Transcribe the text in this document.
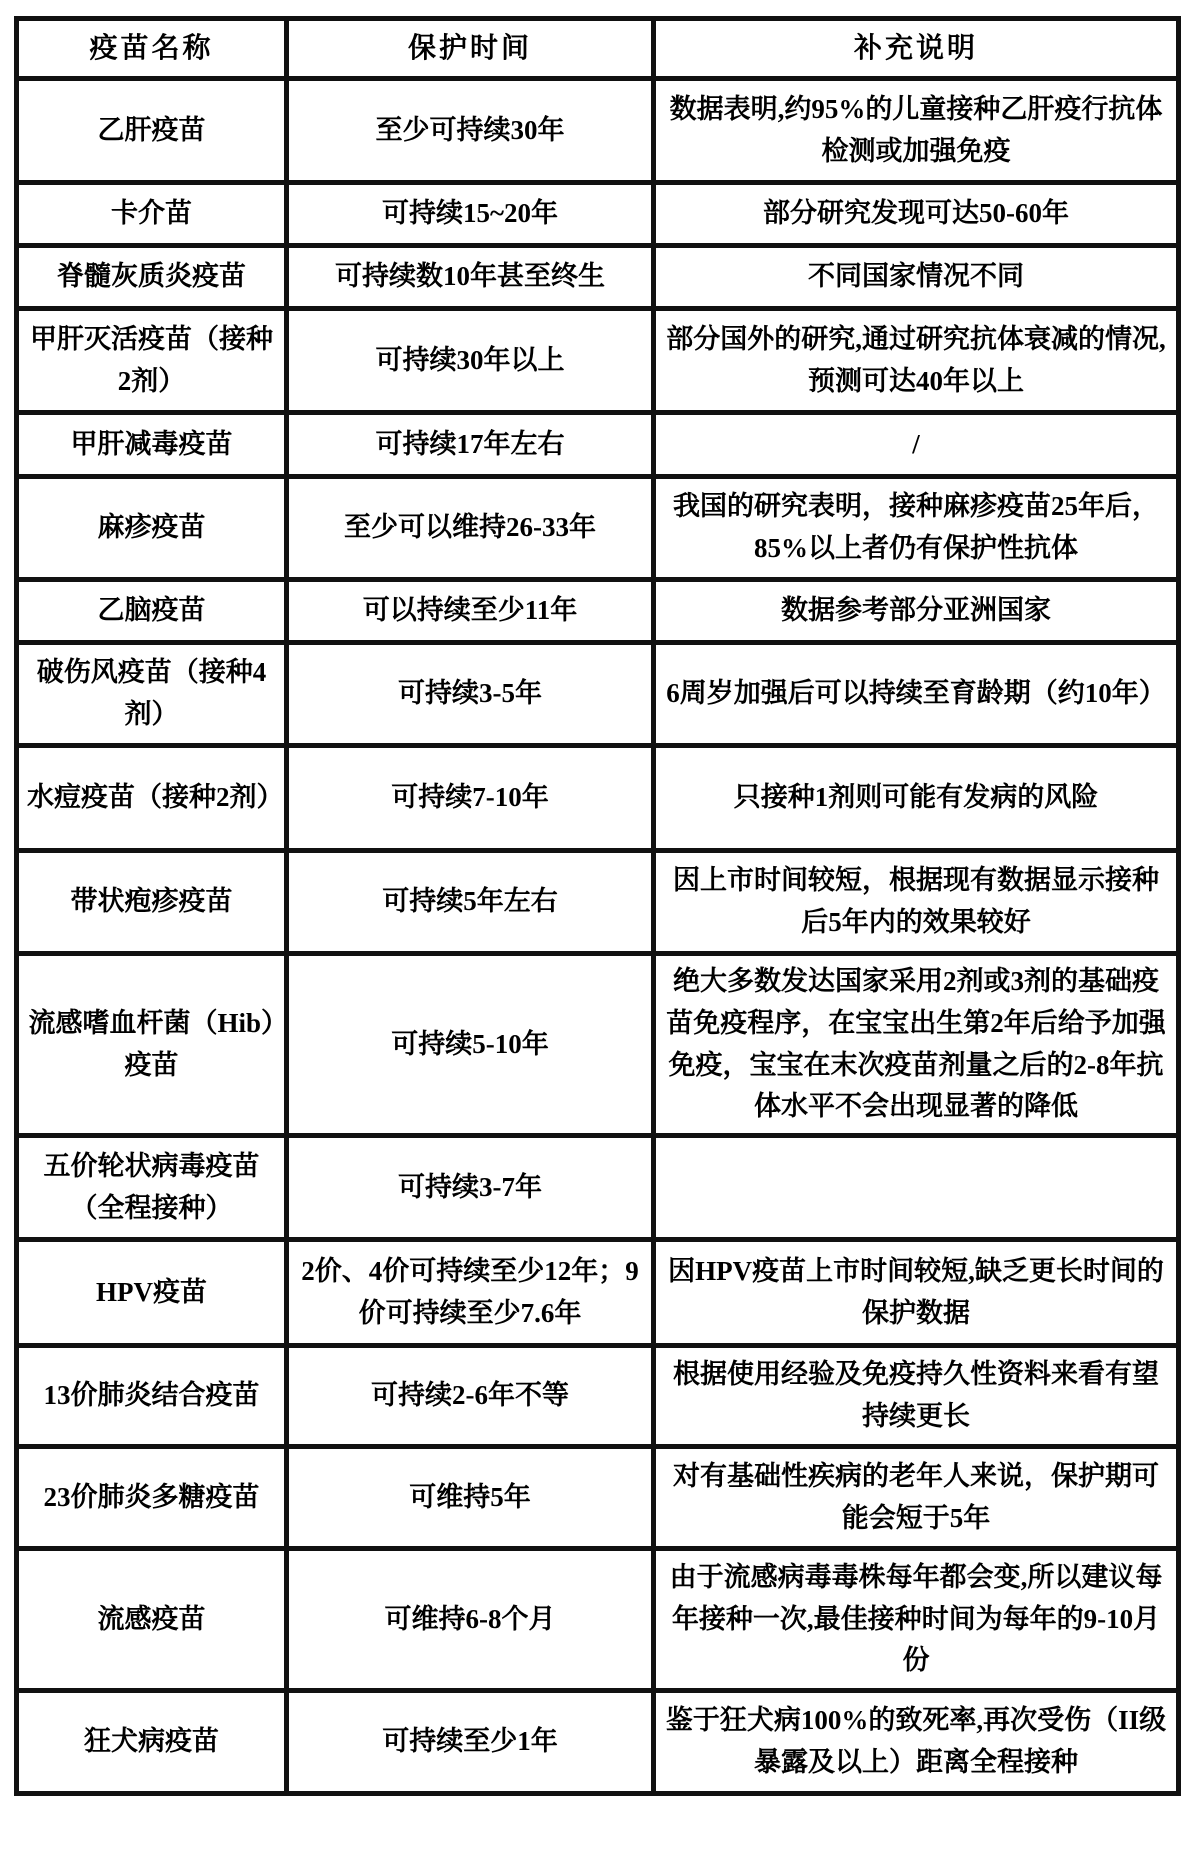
疫苗名称	保护时间	补充说明
乙肝疫苗	至少可持续30年	数据表明,约95%的儿童接种乙肝疫行抗体检测或加强免疫
卡介苗	可持续15~20年	部分研究发现可达50-60年
脊髓灰质炎疫苗	可持续数10年甚至终生	不同国家情况不同
甲肝灭活疫苗（接种2剂）	可持续30年以上	部分国外的研究,通过研究抗体衰减的情况,预测可达40年以上
甲肝减毒疫苗	可持续17年左右	/
麻疹疫苗	至少可以维持26-33年	我国的研究表明，接种麻疹疫苗25年后，85%以上者仍有保护性抗体
乙脑疫苗	可以持续至少11年	数据参考部分亚洲国家
破伤风疫苗（接种4剂）	可持续3-5年	6周岁加强后可以持续至育龄期（约10年）
水痘疫苗（接种2剂）	可持续7-10年	只接种1剂则可能有发病的风险
带状疱疹疫苗	可持续5年左右	因上市时间较短，根据现有数据显示接种后5年内的效果较好
流感嗜血杆菌（Hib）疫苗	可持续5-10年	绝大多数发达国家采用2剂或3剂的基础疫苗免疫程序，在宝宝出生第2年后给予加强免疫，宝宝在末次疫苗剂量之后的2-8年抗体水平不会出现显著的降低
五价轮状病毒疫苗（全程接种）	可持续3-7年	
HPV疫苗	2价、4价可持续至少12年；9价可持续至少7.6年	因HPV疫苗上市时间较短,缺乏更长时间的保护数据
13价肺炎结合疫苗	可持续2-6年不等	根据使用经验及免疫持久性资料来看有望持续更长
23价肺炎多糖疫苗	可维持5年	对有基础性疾病的老年人来说，保护期可能会短于5年
流感疫苗	可维持6-8个月	由于流感病毒毒株每年都会变,所以建议每年接种一次,最佳接种时间为每年的9-10月份
狂犬病疫苗	可持续至少1年	鉴于狂犬病100%的致死率,再次受伤（II级暴露及以上）距离全程接种
